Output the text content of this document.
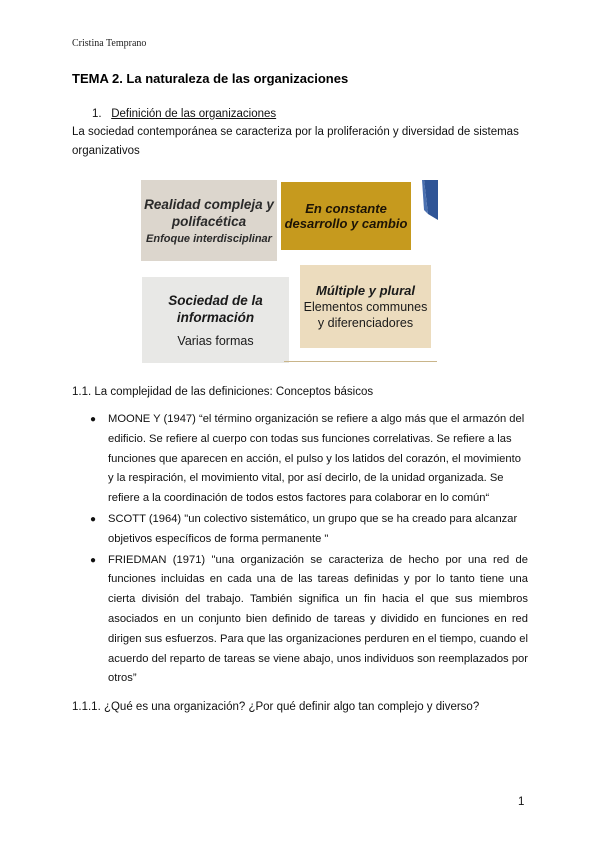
Cristina Temprano
TEMA 2. La naturaleza de las organizaciones
1. Definición de las organizaciones
La sociedad contemporánea se caracteriza por la proliferación y diversidad de sistemas organizativos
Realidad compleja y polifacética
Enfoque interdisciplinar
En constante desarrollo y cambio
Sociedad de la información
Varias formas
Múltiple y plural
Elementos communes y diferenciadores
1.1. La complejidad de las definiciones: Conceptos básicos
● MOONE Y (1947) “el término organización se refiere a algo más que el armazón del edificio. Se refiere al cuerpo con todas sus funciones correlativas. Se refiere a las funciones que aparecen en acción, el pulso y los latidos del corazón, el movimiento y la respiración, el movimiento vital, por así decirlo, de la unidad organizada. Se refiere a la coordinación de todos estos factores para colaborar en lo común“
● SCOTT (1964) "un colectivo sistemático, un grupo que se ha creado para alcanzar objetivos específicos de forma permanente "
● FRIEDMAN (1971) "una organización se caracteriza de hecho por una red de funciones incluidas en cada una de las tareas definidas y por lo tanto tiene una cierta división del trabajo. También significa un fin hacia el que sus miembros asociados en un conjunto bien definido de tareas y dividido en funciones en red dirigen sus esfuerzos. Para que las organizaciones perduren en el tiempo, cuando el acuerdo del reparto de tareas se viene abajo, unos individuos son reemplazados por otros”
1.1.1. ¿Qué es una organización? ¿Por qué definir algo tan complejo y diverso?
1
